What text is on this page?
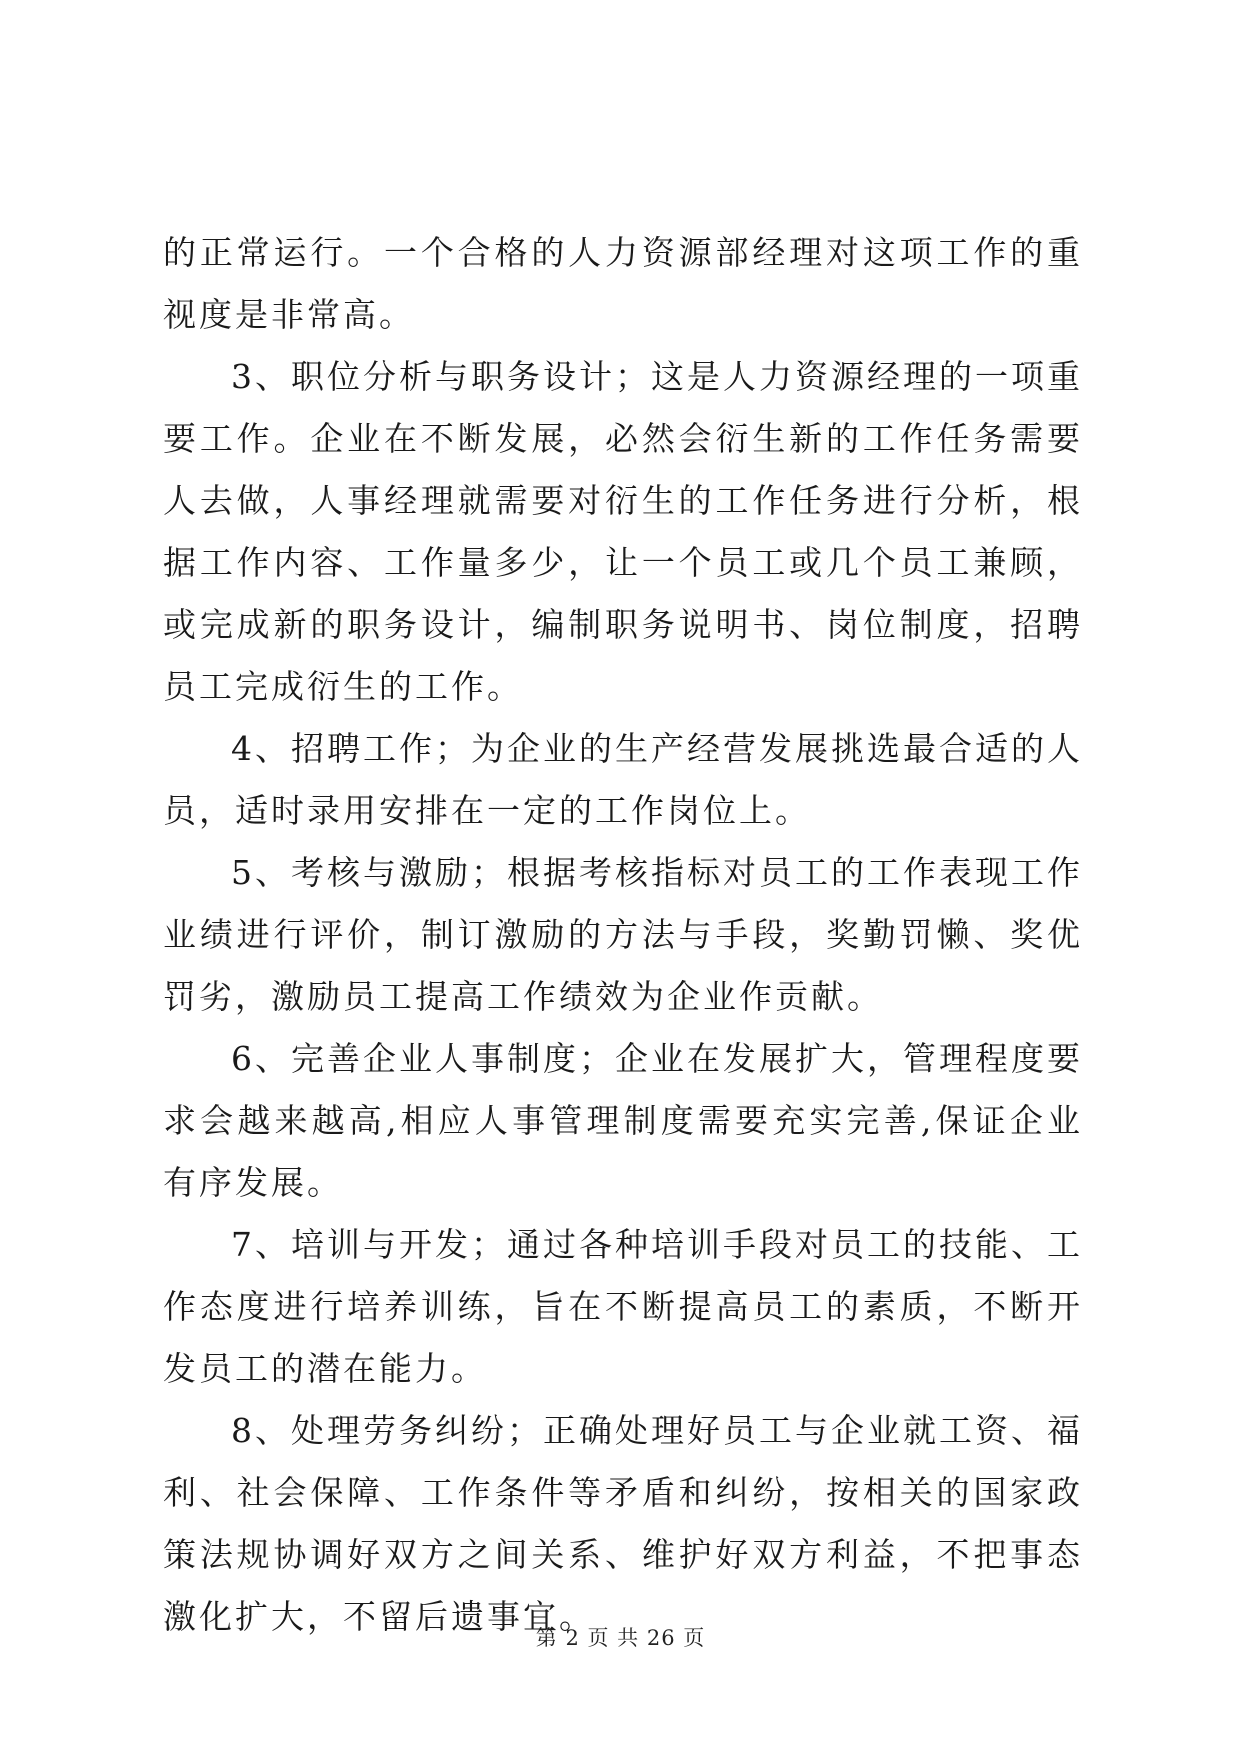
的正常运行。一个合格的人力资源部经理对这项工作的重视度是非常高。

3、职位分析与职务设计；这是人力资源经理的一项重要工作。企业在不断发展，必然会衍生新的工作任务需要人去做，人事经理就需要对衍生的工作任务进行分析，根据工作内容、工作量多少，让一个员工或几个员工兼顾，或完成新的职务设计，编制职务说明书、岗位制度，招聘员工完成衍生的工作。

4、招聘工作；为企业的生产经营发展挑选最合适的人员，适时录用安排在一定的工作岗位上。

5、考核与激励；根据考核指标对员工的工作表现工作业绩进行评价，制订激励的方法与手段，奖勤罚懒、奖优罚劣，激励员工提高工作绩效为企业作贡献。

6、完善企业人事制度；企业在发展扩大，管理程度要求会越来越高,相应人事管理制度需要充实完善,保证企业有序发展。

7、培训与开发；通过各种培训手段对员工的技能、工作态度进行培养训练，旨在不断提高员工的素质，不断开发员工的潜在能力。

8、处理劳务纠纷；正确处理好员工与企业就工资、福利、社会保障、工作条件等矛盾和纠纷，按相关的国家政策法规协调好双方之间关系、维护好双方利益，不把事态激化扩大，不留后遗事宜。

第 2 页 共 26 页
